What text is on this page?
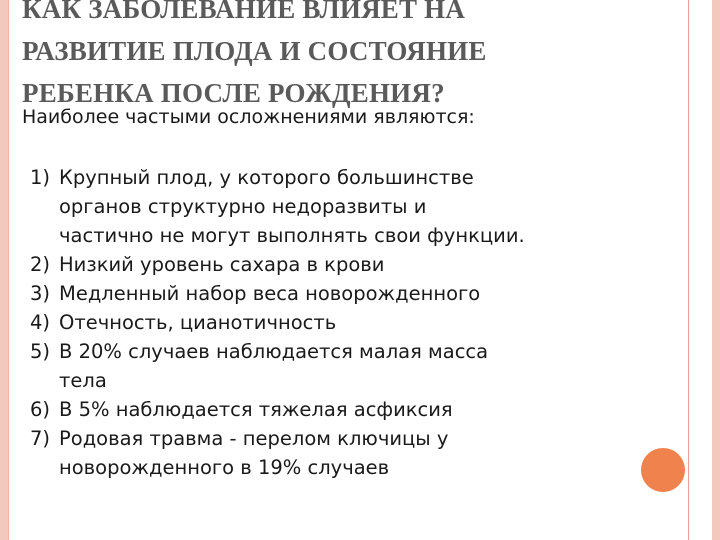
КАК ЗАБОЛЕВАНИЕ ВЛИЯЕТ НА
РАЗВИТИЕ ПЛОДА И СОСТОЯНИЕ
РЕБЕНКА ПОСЛЕ РОЖДЕНИЯ?
Наиболее частыми осложнениями являются:
1) Крупный плод, у которого большинстве
органов структурно недоразвиты и
частично не могут выполнять свои функции.
2) Низкий уровень сахара в крови
3) Медленный набор веса новорожденного
4) Отечность, цианотичность
5) В 20% случаев наблюдается малая масса
тела
6) В 5% наблюдается тяжелая асфиксия
7) Родовая травма - перелом ключицы у
новорожденного в 19% случаев
